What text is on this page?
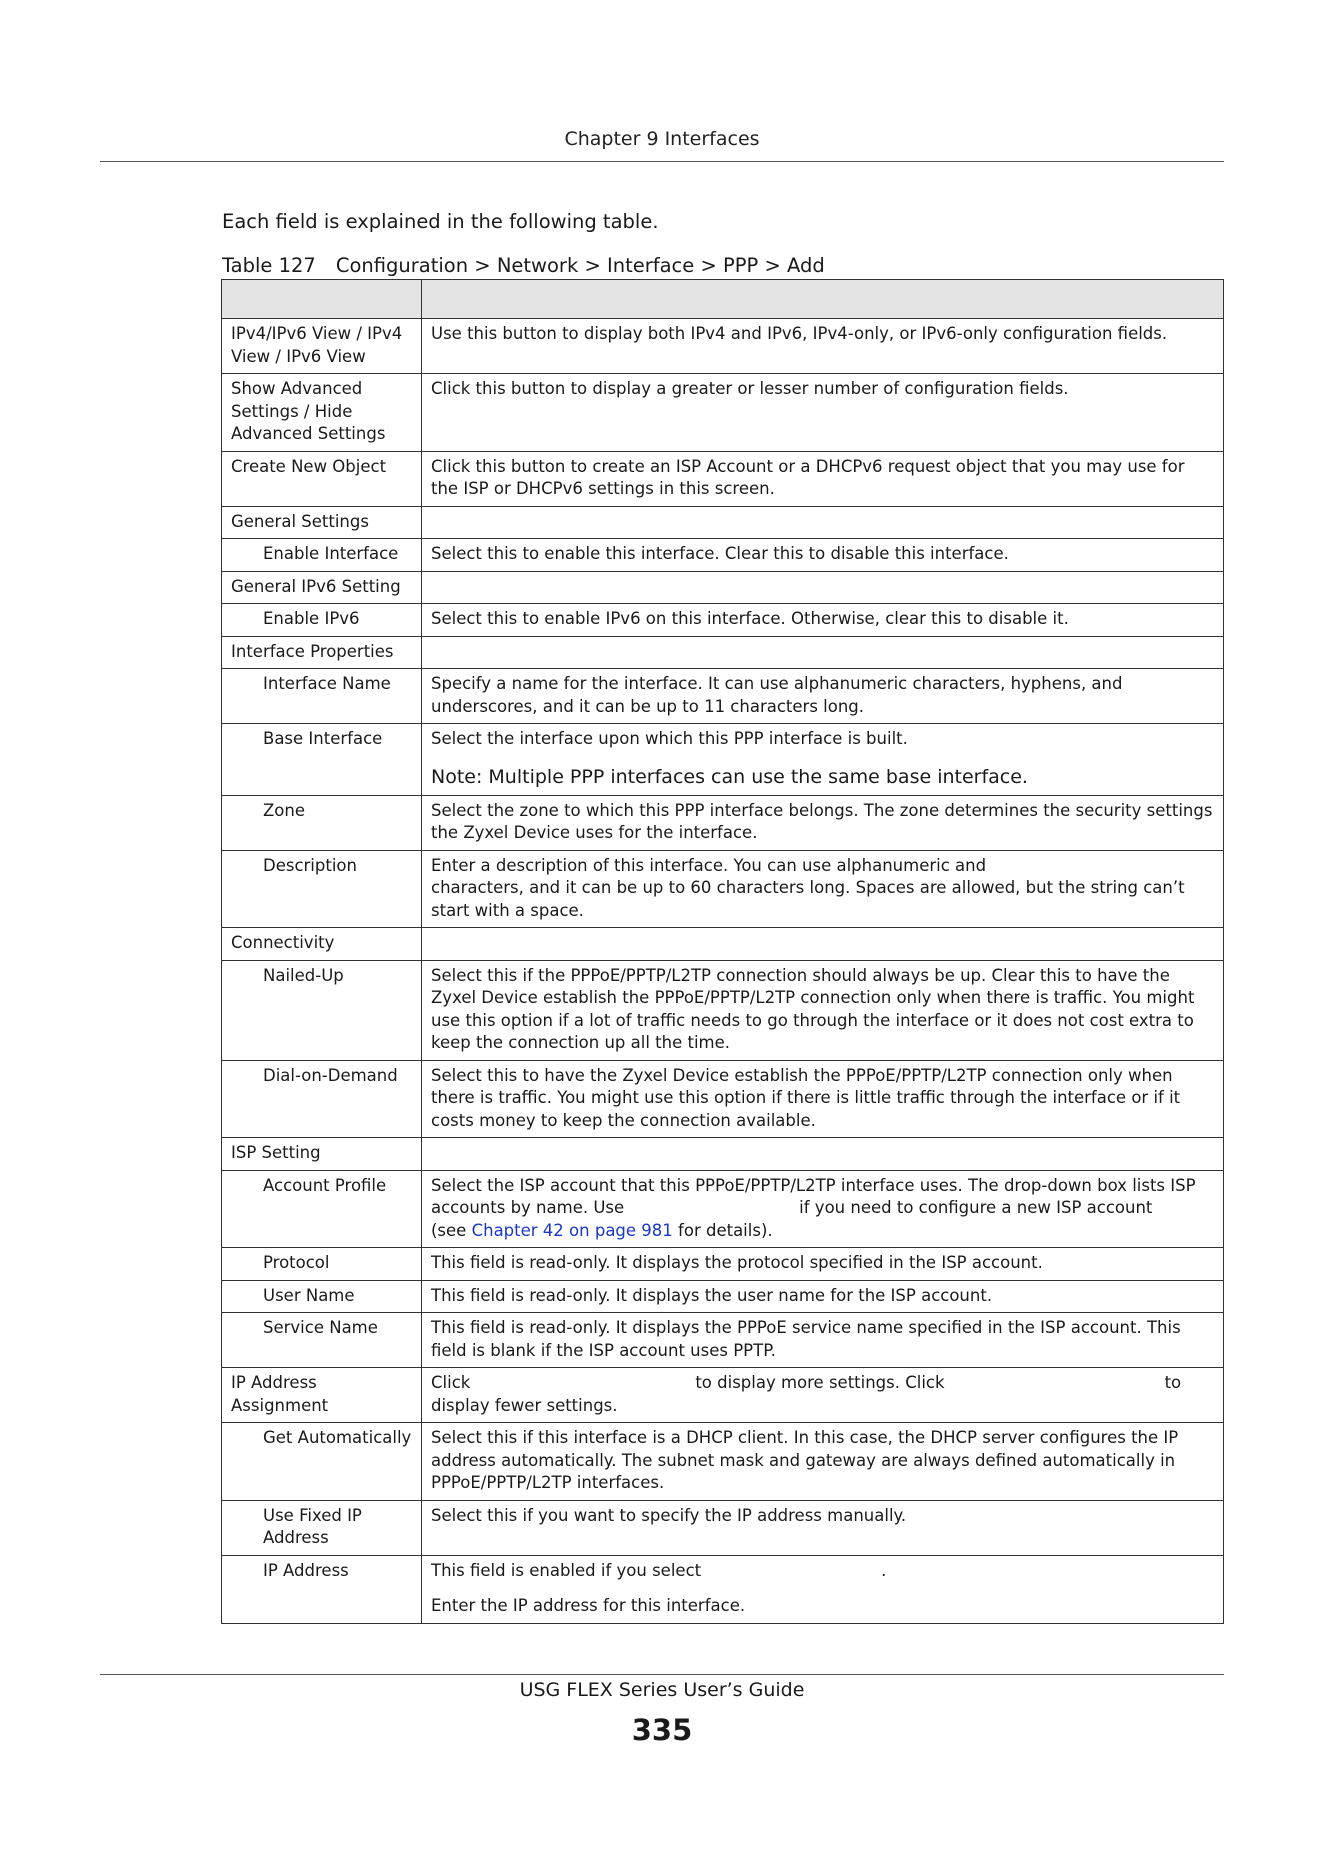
Chapter 9 Interfaces
Each field is explained in the following table.
Table 127 Configuration > Network > Interface > PPP > Add

IPv4/IPv6 View / IPv4 View / IPv6 View	Use this button to display both IPv4 and IPv6, IPv4-only, or IPv6-only configuration fields.
Show Advanced Settings / Hide Advanced Settings	Click this button to display a greater or lesser number of configuration fields.
Create New Object	Click this button to create an ISP Account or a DHCPv6 request object that you may use for the ISP or DHCPv6 settings in this screen.
General Settings	
Enable Interface	Select this to enable this interface. Clear this to disable this interface.
General IPv6 Setting	
Enable IPv6	Select this to enable IPv6 on this interface. Otherwise, clear this to disable it.
Interface Properties	
Interface Name	Specify a name for the interface. It can use alphanumeric characters, hyphens, and underscores, and it can be up to 11 characters long.
Base Interface	Select the interface upon which this PPP interface is built.
Note: Multiple PPP interfaces can use the same base interface.

Zone	Select the zone to which this PPP interface belongs. The zone determines the security settings the Zyxel Device uses for the interface.
Description	Enter a description of this interface. You can use alphanumeric and
characters, and it can be up to 60 characters long. Spaces are allowed, but the string can’t start with a space.

Connectivity	
Nailed-Up	Select this if the PPPoE/PPTP/L2TP connection should always be up. Clear this to have the Zyxel Device establish the PPPoE/PPTP/L2TP connection only when there is traffic. You might use this option if a lot of traffic needs to go through the interface or it does not cost extra to keep the connection up all the time.
Dial-on-Demand	Select this to have the Zyxel Device establish the PPPoE/PPTP/L2TP connection only when there is traffic. You might use this option if there is little traffic through the interface or if it costs money to keep the connection available.
ISP Setting	
Account Profile	Select the ISP account that this PPPoE/PPTP/L2TP interface uses. The drop-down box lists ISP accounts by name. Use if you need to configure a new ISP account
(see Chapter 42 on page 981 for details).
Protocol	This field is read-only. It displays the protocol specified in the ISP account.
User Name	This field is read-only. It displays the user name for the ISP account.
Service Name	This field is read-only. It displays the PPPoE service name specified in the ISP account. This field is blank if the ISP account uses PPTP.
IP Address Assignment	Click to display more settings. Click to
display fewer settings.
Get Automatically	Select this if this interface is a DHCP client. In this case, the DHCP server configures the IP address automatically. The subnet mask and gateway are always defined automatically in PPPoE/PPTP/L2TP interfaces.
Use Fixed IP Address	Select this if you want to specify the IP address manually.
IP Address	This field is enabled if you select .
Enter the IP address for this interface.
USG FLEX Series User’s Guide
335
